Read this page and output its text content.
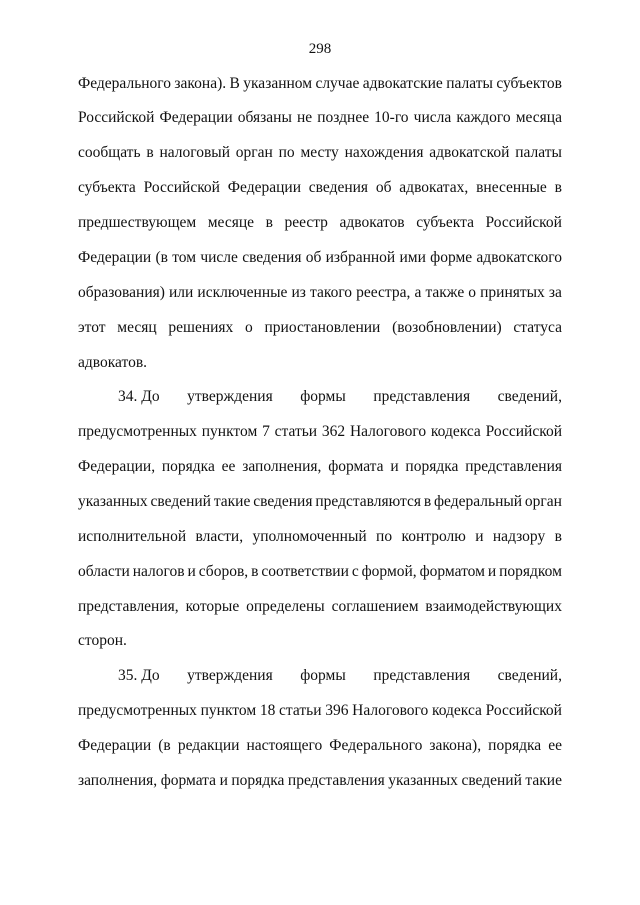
298
Федерального закона). В указанном случае адвокатские палаты субъектов
Российской Федерации обязаны не позднее 10-го числа каждого месяца
сообщать в налоговый орган по месту нахождения адвокатской палаты
субъекта Российской Федерации сведения об адвокатах, внесенные в
предшествующем месяце в реестр адвокатов субъекта Российской
Федерации (в том числе сведения об избранной ими форме адвокатского
образования) или исключенные из такого реестра, а также о принятых за
этот месяц решениях о приостановлении (возобновлении) статуса
адвокатов.
34. До утверждения формы представления сведений,
предусмотренных пунктом 7 статьи 362 Налогового кодекса Российской
Федерации, порядка ее заполнения, формата и порядка представления
указанных сведений такие сведения представляются в федеральный орган
исполнительной власти, уполномоченный по контролю и надзору в
области налогов и сборов, в соответствии с формой, форматом и порядком
представления, которые определены соглашением взаимодействующих
сторон.
35. До утверждения формы представления сведений,
предусмотренных пунктом 18 статьи 396 Налогового кодекса Российской
Федерации (в редакции настоящего Федерального закона), порядка ее
заполнения, формата и порядка представления указанных сведений такие
